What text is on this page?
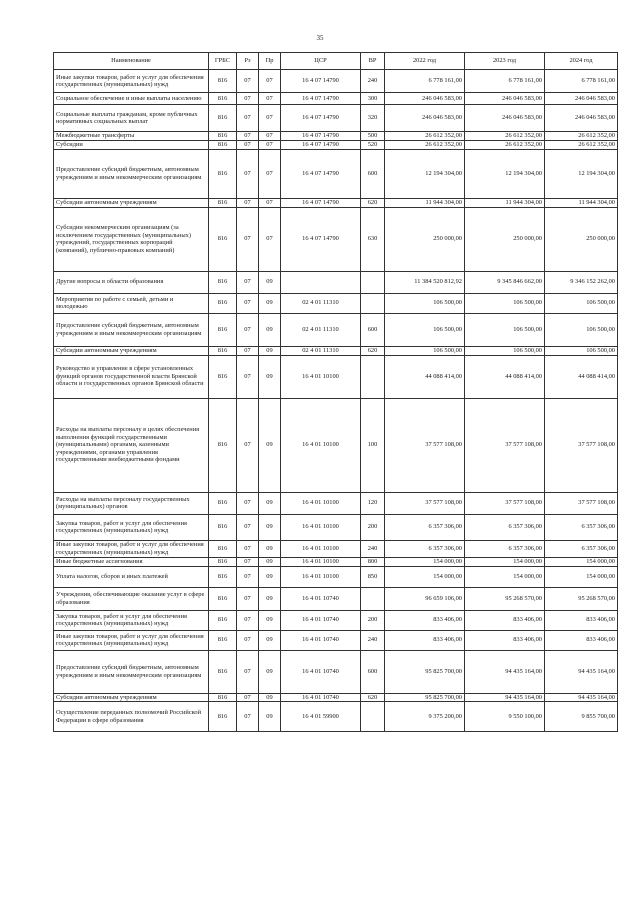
35
Наименование	ГРБС	Рз	Пр	ЦСР	ВР	2022 год	2023 год	2024 год
Иные закупки товаров, работ и услуг для обеспечения государственных (муниципальных) нужд	816	07	07	16 4 07 14790	240	6 778 161,00	6 778 161,00	6 778 161,00
Социальное обеспечение и иные выплаты населению	816	07	07	16 4 07 14790	300	246 046 583,00	246 046 583,00	246 046 583,00
Социальные выплаты гражданам, кроме публичных нормативных социальных выплат	816	07	07	16 4 07 14790	320	246 046 583,00	246 046 583,00	246 046 583,00
Межбюджетные трансферты	816	07	07	16 4 07 14790	500	26 612 352,00	26 612 352,00	26 612 352,00
Субсидии	816	07	07	16 4 07 14790	520	26 612 352,00	26 612 352,00	26 612 352,00
Предоставление субсидий бюджетным, автономным учреждениям и иным некоммерческим организациям	816	07	07	16 4 07 14790	600	12 194 304,00	12 194 304,00	12 194 304,00
Субсидии автономным учреждениям	816	07	07	16 4 07 14790	620	11 944 304,00	11 944 304,00	11 944 304,00
Субсидии некоммерческим организациям (за исключением государственных (муниципальных) учреждений, государственных корпораций (компаний), публично-правовых компаний)	816	07	07	16 4 07 14790	630	250 000,00	250 000,00	250 000,00
Другие вопросы в области образования	816	07	09			11 384 520 812,92	9 345 846 662,00	9 346 152 262,00
Мероприятия по работе с семьей, детьми и молодежью	816	07	09	02 4 01 11310		106 500,00	106 500,00	106 500,00
Предоставление субсидий бюджетным, автономным учреждениям и иным некоммерческим организациям	816	07	09	02 4 01 11310	600	106 500,00	106 500,00	106 500,00
Субсидии автономным учреждениям	816	07	09	02 4 01 11310	620	106 500,00	106 500,00	106 500,00
Руководство и управление в сфере установленных функций органов государственной власти Брянской области и государственных органов Брянской области	816	07	09	16 4 01 10100		44 088 414,00	44 088 414,00	44 088 414,00
Расходы на выплаты персоналу в целях обеспечения выполнения функций государственными (муниципальными) органами, казенными учреждениями, органами управления государственными внебюджетными фондами	816	07	09	16 4 01 10100	100	37 577 108,00	37 577 108,00	37 577 108,00
Расходы на выплаты персоналу государственных (муниципальных) органов	816	07	09	16 4 01 10100	120	37 577 108,00	37 577 108,00	37 577 108,00
Закупка товаров, работ и услуг для обеспечения государственных (муниципальных) нужд	816	07	09	16 4 01 10100	200	6 357 306,00	6 357 306,00	6 357 306,00
Иные закупки товаров, работ и услуг для обеспечения государственных (муниципальных) нужд	816	07	09	16 4 01 10100	240	6 357 306,00	6 357 306,00	6 357 306,00
Иные бюджетные ассигнования	816	07	09	16 4 01 10100	800	154 000,00	154 000,00	154 000,00
Уплата налогов, сборов и иных платежей	816	07	09	16 4 01 10100	850	154 000,00	154 000,00	154 000,00
Учреждения, обеспечивающие оказание услуг в сфере образования	816	07	09	16 4 01 10740		96 659 106,00	95 268 570,00	95 268 570,00
Закупка товаров, работ и услуг для обеспечения государственных (муниципальных) нужд	816	07	09	16 4 01 10740	200	833 406,00	833 406,00	833 406,00
Иные закупки товаров, работ и услуг для обеспечения государственных (муниципальных) нужд	816	07	09	16 4 01 10740	240	833 406,00	833 406,00	833 406,00
Предоставление субсидий бюджетным, автономным учреждениям и иным некоммерческим организациям	816	07	09	16 4 01 10740	600	95 825 700,00	94 435 164,00	94 435 164,00
Субсидии автономным учреждениям	816	07	09	16 4 01 10740	620	95 825 700,00	94 435 164,00	94 435 164,00
Осуществление переданных полномочий Российской Федерации в сфере образования	816	07	09	16 4 01 59900		9 375 200,00	9 550 100,00	9 855 700,00
